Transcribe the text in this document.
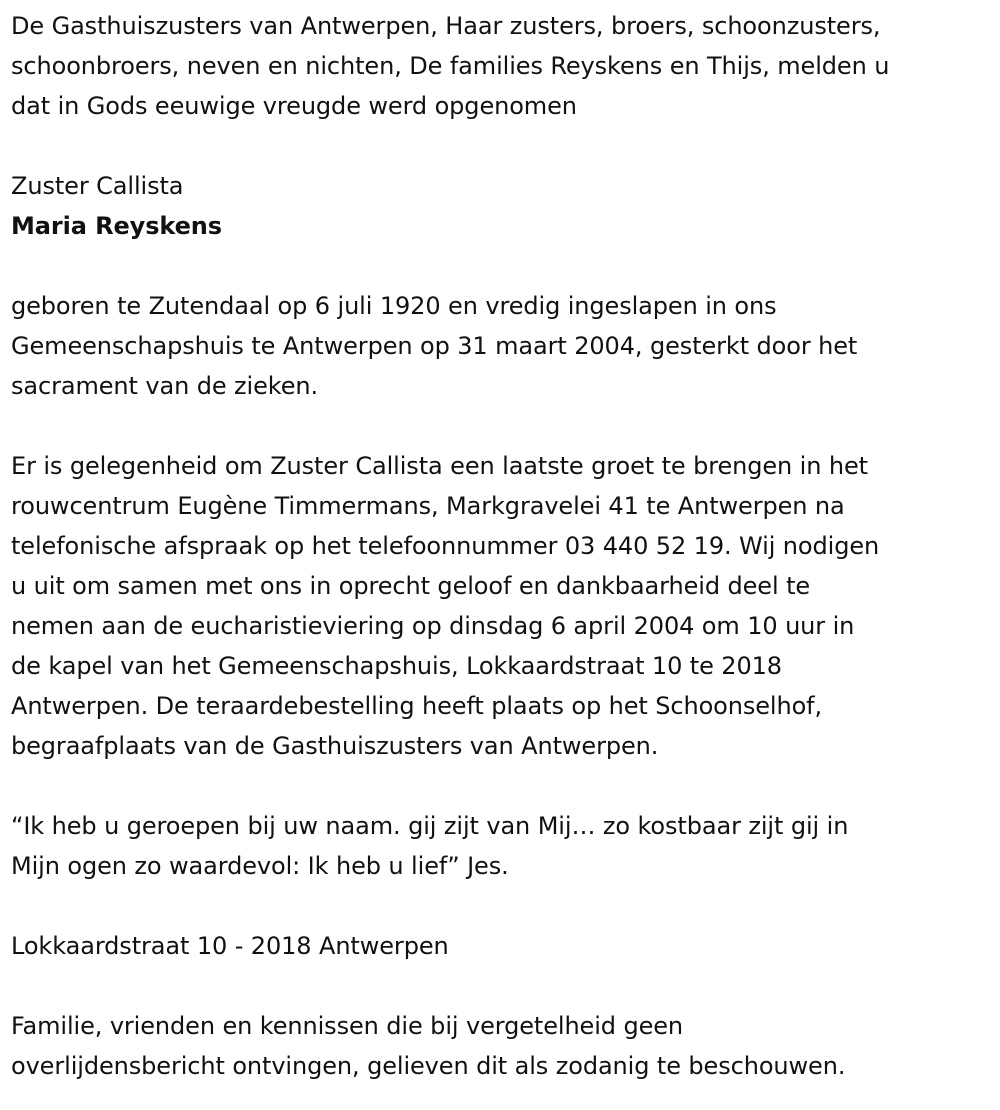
De Gasthuiszusters van Antwerpen, Haar zusters, broers, schoonzusters,
schoonbroers, neven en nichten, De families Reyskens en Thijs, melden u
dat in Gods eeuwige vreugde werd opgenomen

Zuster Callista

Maria Reyskens

geboren te Zutendaal op 6 juli 1920 en vredig ingeslapen in ons
Gemeenschapshuis te Antwerpen op 31 maart 2004, gesterkt door het
sacrament van de zieken.

Er is gelegenheid om Zuster Callista een laatste groet te brengen in het
rouwcentrum Eugène Timmermans, Markgravelei 41 te Antwerpen na
telefonische afspraak op het telefoonnummer 03 440 52 19. Wij nodigen
u uit om samen met ons in oprecht geloof en dankbaarheid deel te
nemen aan de eucharistieviering op dinsdag 6 april 2004 om 10 uur in
de kapel van het Gemeenschapshuis, Lokkaardstraat 10 te 2018
Antwerpen. De teraardebestelling heeft plaats op het Schoonselhof,
begraafplaats van de Gasthuiszusters van Antwerpen.

“Ik heb u geroepen bij uw naam. gij zijt van Mij… zo kostbaar zijt gij in
Mijn ogen zo waardevol: Ik heb u lief” Jes.

Lokkaardstraat 10 - 2018 Antwerpen

Familie, vrienden en kennissen die bij vergetelheid geen
overlijdensbericht ontvingen, gelieven dit als zodanig te beschouwen.
